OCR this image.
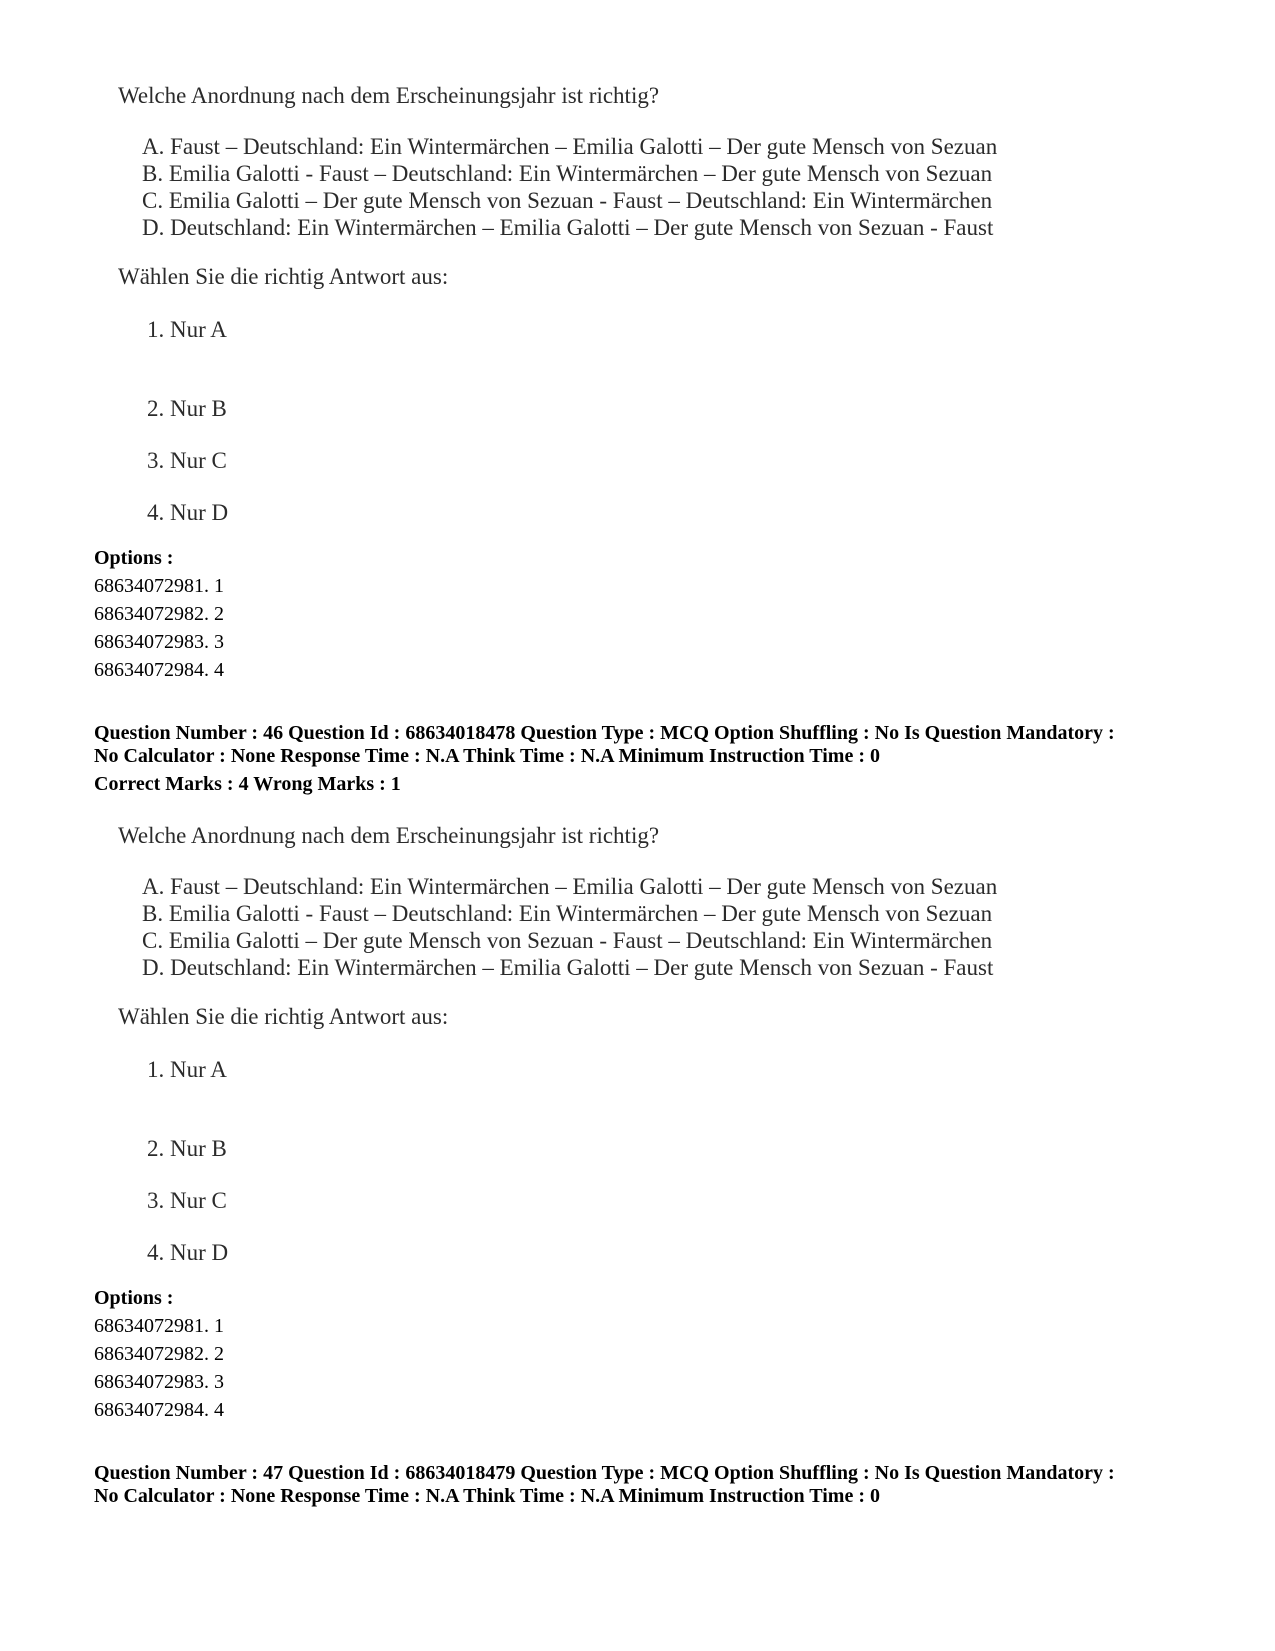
Welche Anordnung nach dem Erscheinungsjahr ist richtig?
A. Faust – Deutschland: Ein Wintermärchen – Emilia Galotti – Der gute Mensch von Sezuan
B. Emilia Galotti - Faust – Deutschland: Ein Wintermärchen – Der gute Mensch von Sezuan
C. Emilia Galotti – Der gute Mensch von Sezuan - Faust – Deutschland: Ein Wintermärchen
D. Deutschland: Ein Wintermärchen – Emilia Galotti – Der gute Mensch von Sezuan - Faust
Wählen Sie die richtig Antwort aus:
1. Nur A
2. Nur B
3. Nur C
4. Nur D
Options :
68634072981. 1
68634072982. 2
68634072983. 3
68634072984. 4
Question Number : 46 Question Id : 68634018478 Question Type : MCQ Option Shuffling : No Is Question Mandatory :
No Calculator : None Response Time : N.A Think Time : N.A Minimum Instruction Time : 0
Correct Marks : 4 Wrong Marks : 1
Welche Anordnung nach dem Erscheinungsjahr ist richtig?
A. Faust – Deutschland: Ein Wintermärchen – Emilia Galotti – Der gute Mensch von Sezuan
B. Emilia Galotti - Faust – Deutschland: Ein Wintermärchen – Der gute Mensch von Sezuan
C. Emilia Galotti – Der gute Mensch von Sezuan - Faust – Deutschland: Ein Wintermärchen
D. Deutschland: Ein Wintermärchen – Emilia Galotti – Der gute Mensch von Sezuan - Faust
Wählen Sie die richtig Antwort aus:
1. Nur A
2. Nur B
3. Nur C
4. Nur D
Options :
68634072981. 1
68634072982. 2
68634072983. 3
68634072984. 4
Question Number : 47 Question Id : 68634018479 Question Type : MCQ Option Shuffling : No Is Question Mandatory :
No Calculator : None Response Time : N.A Think Time : N.A Minimum Instruction Time : 0
